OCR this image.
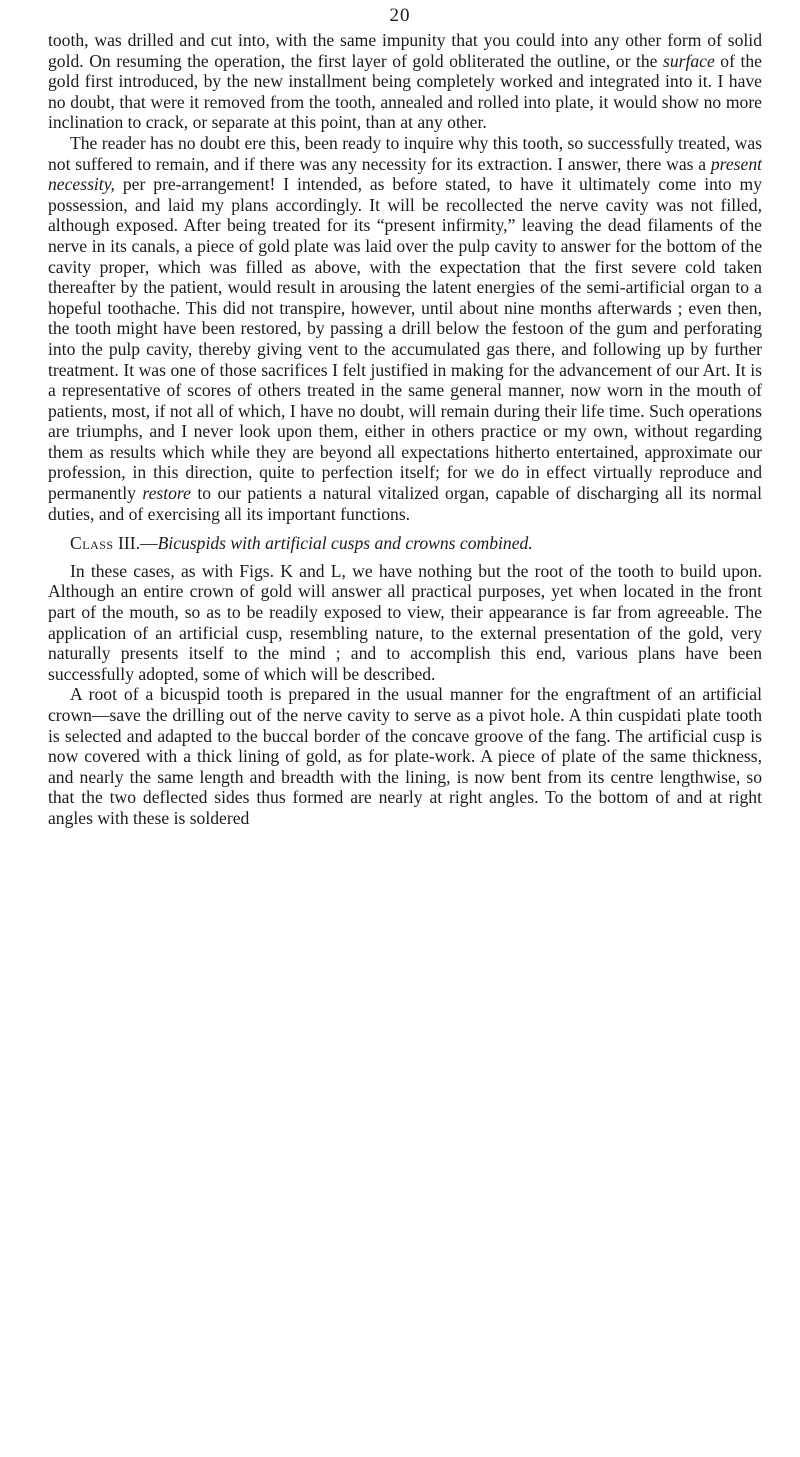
20

tooth, was drilled and cut into, with the same impunity that you could into any other form of solid gold. On resuming the operation, the first layer of gold obliterated the outline, or the surface of the gold first introduced, by the new installment being completely worked and integrated into it. I have no doubt, that were it removed from the tooth, annealed and rolled into plate, it would show no more inclination to crack, or separate at this point, than at any other.

The reader has no doubt ere this, been ready to inquire why this tooth, so successfully treated, was not suffered to remain, and if there was any necessity for its extraction. I answer, there was a present necessity, per pre-arrangement! I intended, as before stated, to have it ultimately come into my possession, and laid my plans accordingly. It will be recollected the nerve cavity was not filled, although exposed. After being treated for its “present infirmity,” leaving the dead filaments of the nerve in its canals, a piece of gold plate was laid over the pulp cavity to answer for the bottom of the cavity proper, which was filled as above, with the expectation that the first severe cold taken thereafter by the patient, would result in arousing the latent energies of the semi-artificial organ to a hopeful toothache. This did not transpire, however, until about nine months afterwards ; even then, the tooth might have been restored, by passing a drill below the festoon of the gum and perforating into the pulp cavity, thereby giving vent to the accumulated gas there, and following up by further treatment. It was one of those sacrifices I felt justified in making for the advancement of our Art. It is a representative of scores of others treated in the same general manner, now worn in the mouth of patients, most, if not all of which, I have no doubt, will remain during their life time. Such operations are triumphs, and I never look upon them, either in others practice or my own, without regarding them as results which while they are beyond all expectations hitherto entertained, approximate our profession, in this direction, quite to perfection itself; for we do in effect virtually reproduce and permanently restore to our patients a natural vitalized organ, capable of discharging all its normal duties, and of exercising all its important functions.

Class III.—Bicuspids with artificial cusps and crowns combined.

In these cases, as with Figs. K and L, we have nothing but the root of the tooth to build upon. Although an entire crown of gold will answer all practical purposes, yet when located in the front part of the mouth, so as to be readily exposed to view, their appearance is far from agreeable. The application of an artificial cusp, resembling nature, to the external presentation of the gold, very naturally presents itself to the mind ; and to accomplish this end, various plans have been successfully adopted, some of which will be described.

A root of a bicuspid tooth is prepared in the usual manner for the engraftment of an artificial crown—save the drilling out of the nerve cavity to serve as a pivot hole. A thin cuspidati plate tooth is selected and adapted to the buccal border of the concave groove of the fang. The artificial cusp is now covered with a thick lining of gold, as for plate-work. A piece of plate of the same thickness, and nearly the same length and breadth with the lining, is now bent from its centre lengthwise, so that the two deflected sides thus formed are nearly at right angles. To the bottom of and at right angles with these is soldered
